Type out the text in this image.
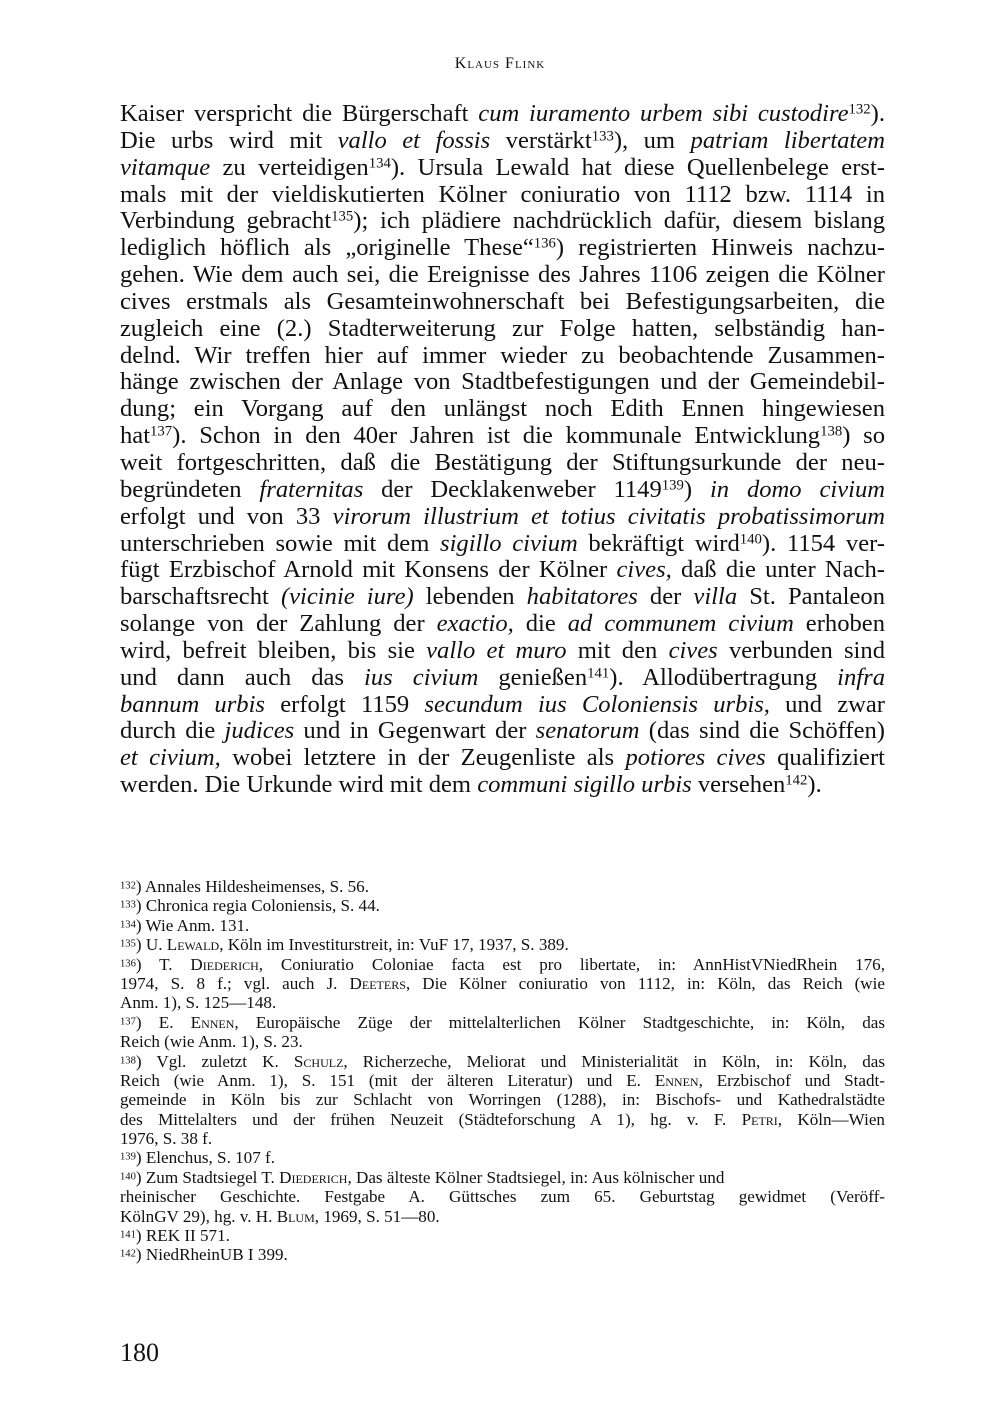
Klaus Flink
Kaiser verspricht die Bürgerschaft cum iuramento urbem sibi custodire$^{132}$).
Die urbs wird mit vallo et fossis verstärkt$^{133}$), um patriam libertatem
vitamque zu verteidigen$^{134}$). Ursula Lewald hat diese Quellenbelege erst-
mals mit der vieldiskutierten Kölner coniuratio von 1112 bzw. 1114 in
Verbindung gebracht$^{135}$); ich plädiere nachdrücklich dafür, diesem bislang
lediglich höflich als „originelle These“$^{136}$) registrierten Hinweis nachzu-
gehen. Wie dem auch sei, die Ereignisse des Jahres 1106 zeigen die Kölner
cives erstmals als Gesamteinwohnerschaft bei Befestigungsarbeiten, die
zugleich eine (2.) Stadterweiterung zur Folge hatten, selbständig han-
delnd. Wir treffen hier auf immer wieder zu beobachtende Zusammen-
hänge zwischen der Anlage von Stadtbefestigungen und der Gemeindebil-
dung; ein Vorgang auf den unlängst noch Edith Ennen hingewiesen
hat$^{137}$). Schon in den 40er Jahren ist die kommunale Entwicklung$^{138}$) so
weit fortgeschritten, daß die Bestätigung der Stiftungsurkunde der neu-
begründeten fraternitas der Decklakenweber 1149$^{139}$) in domo civium
erfolgt und von 33 virorum illustrium et totius civitatis probatissimorum
unterschrieben sowie mit dem sigillo civium bekräftigt wird$^{140}$). 1154 ver-
fügt Erzbischof Arnold mit Konsens der Kölner cives, daß die unter Nach-
barschaftsrecht (vicinie iure) lebenden habitatores der villa St. Pantaleon
solange von der Zahlung der exactio, die ad communem civium erhoben
wird, befreit bleiben, bis sie vallo et muro mit den cives verbunden sind
und dann auch das ius civium genießen$^{141}$). Allodübertragung infra
bannum urbis erfolgt 1159 secundum ius Coloniensis urbis, und zwar
durch die judices und in Gegenwart der senatorum (das sind die Schöffen)
et civium, wobei letztere in der Zeugenliste als potiores cives qualifiziert
werden. Die Urkunde wird mit dem communi sigillo urbis versehen$^{142}$).
$^{132}$) Annales Hildesheimenses, S. 56.
$^{133}$) Chronica regia Coloniensis, S. 44.
$^{134}$) Wie Anm. 131.
$^{135}$) U. Lewald, Köln im Investiturstreit, in: VuF 17, 1937, S. 389.
$^{136}$) T. Diederich, Coniuratio Coloniae facta est pro libertate, in: AnnHistVNiedRhein 176,
1974, S. 8 f.; vgl. auch J. Deeters, Die Kölner coniuratio von 1112, in: Köln, das Reich (wie
Anm. 1), S. 125—148.
$^{137}$) E. Ennen, Europäische Züge der mittelalterlichen Kölner Stadtgeschichte, in: Köln, das
Reich (wie Anm. 1), S. 23.
$^{138}$) Vgl. zuletzt K. Schulz, Richerzeche, Meliorat und Ministerialität in Köln, in: Köln, das
Reich (wie Anm. 1), S. 151 (mit der älteren Literatur) und E. Ennen, Erzbischof und Stadt-
gemeinde in Köln bis zur Schlacht von Worringen (1288), in: Bischofs- und Kathedralstädte
des Mittelalters und der frühen Neuzeit (Städteforschung A 1), hg. v. F. Petri, Köln—Wien
1976, S. 38 f.
$^{139}$) Elenchus, S. 107 f.
$^{140}$) Zum Stadtsiegel T. Diederich, Das älteste Kölner Stadtsiegel, in: Aus kölnischer und
rheinischer Geschichte. Festgabe A. Güttsches zum 65. Geburtstag gewidmet (Veröff-
KölnGV 29), hg. v. H. Blum, 1969, S. 51—80.
$^{141}$) REK II 571.
$^{142}$) NiedRheinUB I 399.
180
